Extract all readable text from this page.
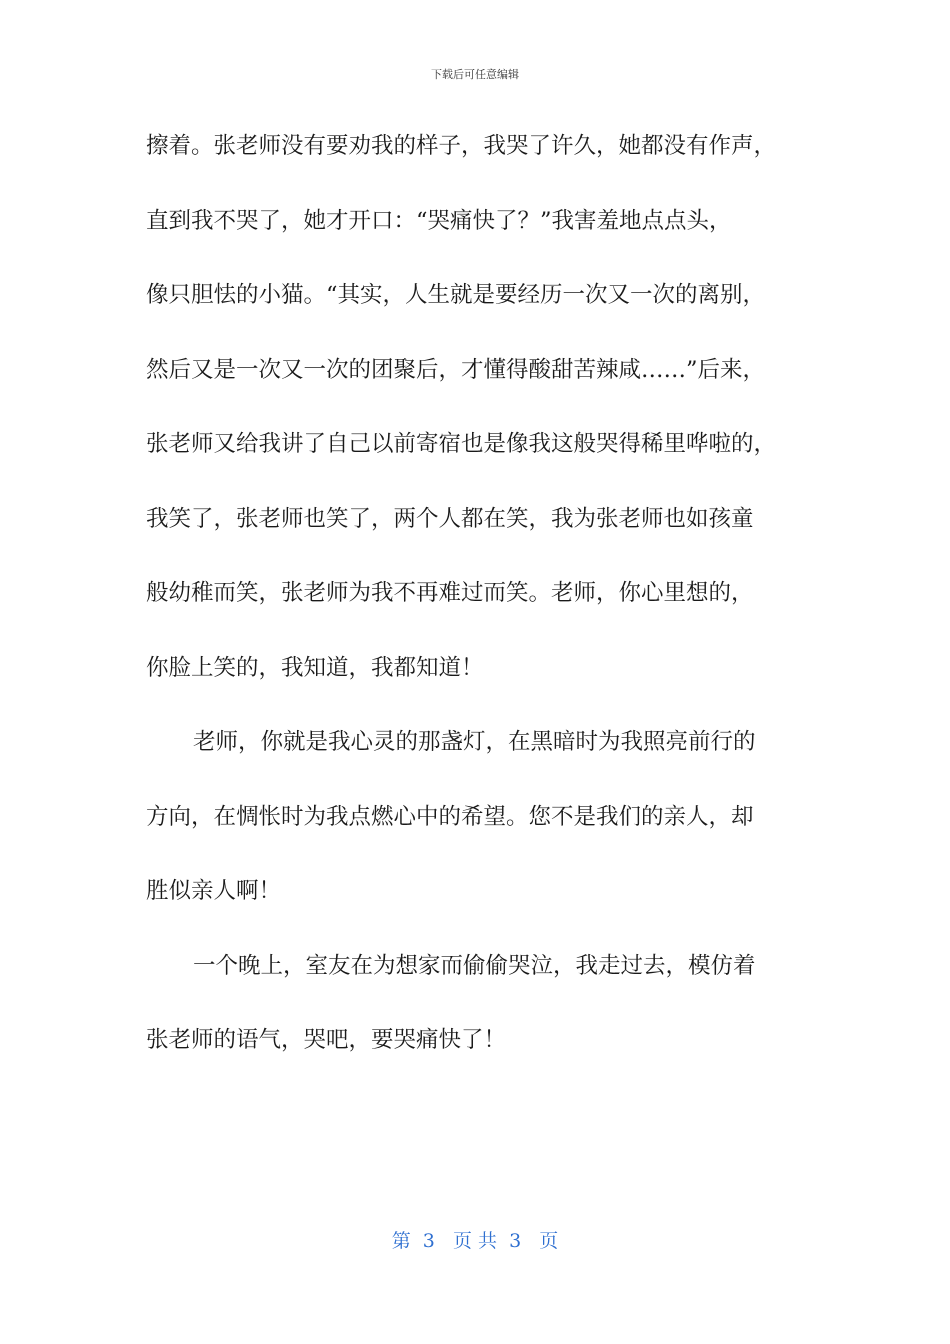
下载后可任意编辑
擦着。张老师没有要劝我的样子，我哭了许久，她都没有作声，
直到我不哭了，她才开口：“哭痛快了？”我害羞地点点头，
像只胆怯的小猫。“其实，人生就是要经历一次又一次的离别，
然后又是一次又一次的团聚后，才懂得酸甜苦辣咸……”后来，
张老师又给我讲了自己以前寄宿也是像我这般哭得稀里哗啦的，
我笑了，张老师也笑了，两个人都在笑，我为张老师也如孩童
般幼稚而笑，张老师为我不再难过而笑。老师，你心里想的，
你脸上笑的，我知道，我都知道！
老师，你就是我心灵的那盏灯，在黑暗时为我照亮前行的
方向，在惆怅时为我点燃心中的希望。您不是我们的亲人，却
胜似亲人啊！
一个晚上，室友在为想家而偷偷哭泣，我走过去，模仿着
张老师的语气，哭吧，要哭痛快了！
第  3   页 共  3   页
